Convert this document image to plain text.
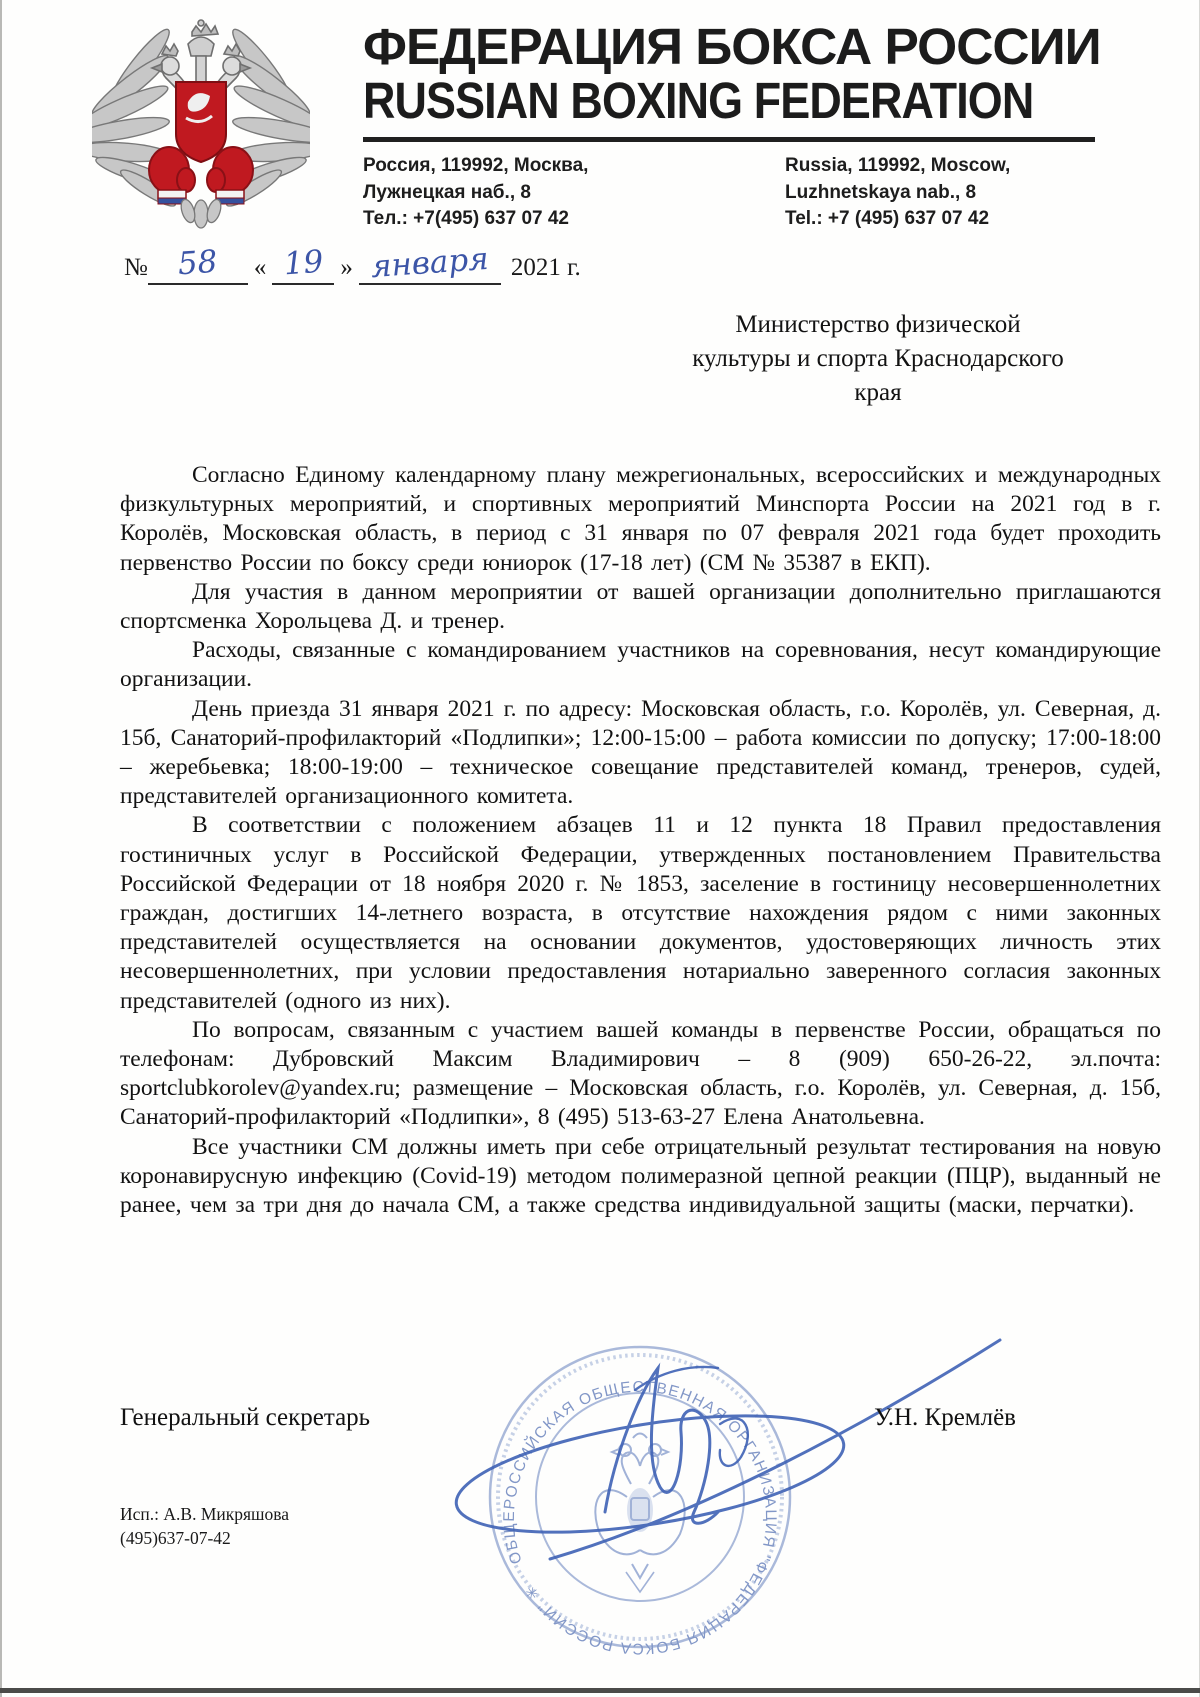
ФЕДЕРАЦИЯ БОКСА РОССИИ
RUSSIAN BOXING FEDERATION
Россия, 119992, Москва,
Лужнецкая наб., 8
Тел.: +7(495) 637 07 42
Russia, 119992, Moscow,
Luzhnetskaya nab., 8
Tel.: +7 (495) 637 07 42
№ 58 « 19 » января 2021 г.
Министерство физической
культуры и спорта Краснодарского
края

Согласно Единому календарному плану межрегиональных, всероссийских и международных физкультурных мероприятий, и спортивных мероприятий Минспорта России на 2021 год в г. Королёв, Московская область, в период с 31 января по 07 февраля 2021 года будет проходить первенство России по боксу среди юниорок (17-18 лет) (СМ № 35387 в ЕКП).

Для участия в данном мероприятии от вашей организации дополнительно приглашаются спортсменка Хорольцева Д. и тренер.

Расходы, связанные с командированием участников на соревнования, несут командирующие организации.

День приезда 31 января 2021 г. по адресу: Московская область, г.о. Королёв, ул. Северная, д. 15б, Санаторий-профилакторий «Подлипки»; 12:00-15:00 – работа комиссии по допуску; 17:00-18:00 – жеребьевка; 18:00-19:00 – техническое совещание представителей команд, тренеров, судей, представителей организационного комитета.

В соответствии с положением абзацев 11 и 12 пункта 18 Правил предоставления гостиничных услуг в Российской Федерации, утвержденных постановлением Правительства Российской Федерации от 18 ноября 2020 г. № 1853, заселение в гостиницу несовершеннолетних граждан, достигших 14-летнего возраста, в отсутствие нахождения рядом с ними законных представителей осуществляется на основании документов, удостоверяющих личность этих несовершеннолетних, при условии предоставления нотариально заверенного согласия законных представителей (одного из них).

По вопросам, связанным с участием вашей команды в первенстве России, обращаться по телефонам: Дубровский Максим Владимирович – 8 (909) 650-26-22, эл.почта: sportclubkorolev@yandex.ru; размещение – Московская область, г.о. Королёв, ул. Северная, д. 15б, Санаторий-профилакторий «Подлипки», 8 (495) 513-63-27 Елена Анатольевна.

Все участники СМ должны иметь при себе отрицательный результат тестирования на новую коронавирусную инфекцию (Covid-19) методом полимеразной цепной реакции (ПЦР), выданный не ранее, чем за три дня до начала СМ, а также средства индивидуальной защиты (маски, перчатки).

ОБЩЕРОССИЙСКАЯ ОБЩЕСТВЕННАЯ ОРГАНИЗАЦИЯ "ФЕДЕРАЦИЯ БОКСА РОССИИ" ✳
Генеральный секретарь	У.Н. Кремлёв
Исп.: А.В. Микряшова
(495)637-07-42
